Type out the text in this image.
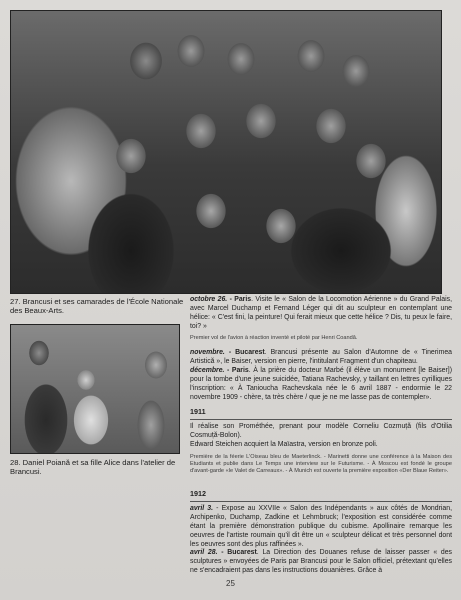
27. Brancusi et ses camarades de l'École Nationale des Beaux-Arts.
28. Daniel Poiană et sa fille Alice dans l'atelier de Brancusi.
octobre 26. - Paris. Visite le « Salon de la Locomotion Aérienne » du Grand Palais, avec Marcel Duchamp et Fernand Léger qui dit au sculpteur en contemplant une hélice: « C'est fini, la peinture! Qui ferait mieux que cette hélice ? Dis, tu peux le faire, toi? »
Premier vol de l'avion à réaction inventé et piloté par Henri Coandă.
novembre. - Bucarest. Brancusi présente au Salon d'Automne de « Tinerimea Artistică », le Baiser, version en pierre, l'intitulant Fragment d'un chapiteau.
décembre. - Paris. À la prière du docteur Marbé (il élève un monument [le Baiser]) pour la tombe d'une jeune suicidée, Tatiana Rachevsky, y taillant en lettres cyrilliques l'inscription: « À Tanioucha Rachevskaïa née le 6 avril 1887 - endormie le 22 novembre 1909 - chère, ta très chère / que je ne me lasse pas de contempler».
1911
Il réalise son Prométhée, prenant pour modèle Corneliu Cozmuță (fils d'Otilia Cosmuță-Bolon).
Edward Steichen acquiert la Maïastra, version en bronze poli.
Première de la féerie L'Oiseau bleu de Maeterlinck. - Marinetti donne une conférence à la Maison des Etudiants et publie dans Le Temps une interview sur le Futurisme. - À Moscou est fondé le groupe d'avant-garde «le Valet de Carreaux». - À Munich est ouverte la première exposition «Der Blaue Reiter».
1912
avril 3. - Expose au XXVIIe « Salon des Indépendants » aux côtés de Mondrian, Archipenko, Duchamp, Zadkine et Lehmbruck; l'exposition est considérée comme étant la première démonstration publique du cubisme. Apollinaire remarque les oeuvres de l'artiste roumain qu'il dit être un « sculpteur délicat et très personnel dont les oeuvres sont des plus raffinées ».
avril 28. - Bucarest. La Direction des Douanes refuse de laisser passer « des sculptures » envoyées de Paris par Brancusi pour le Salon officiel, prétextant qu'elles ne s'encadraient pas dans les instructions douanières. Grâce à
25
